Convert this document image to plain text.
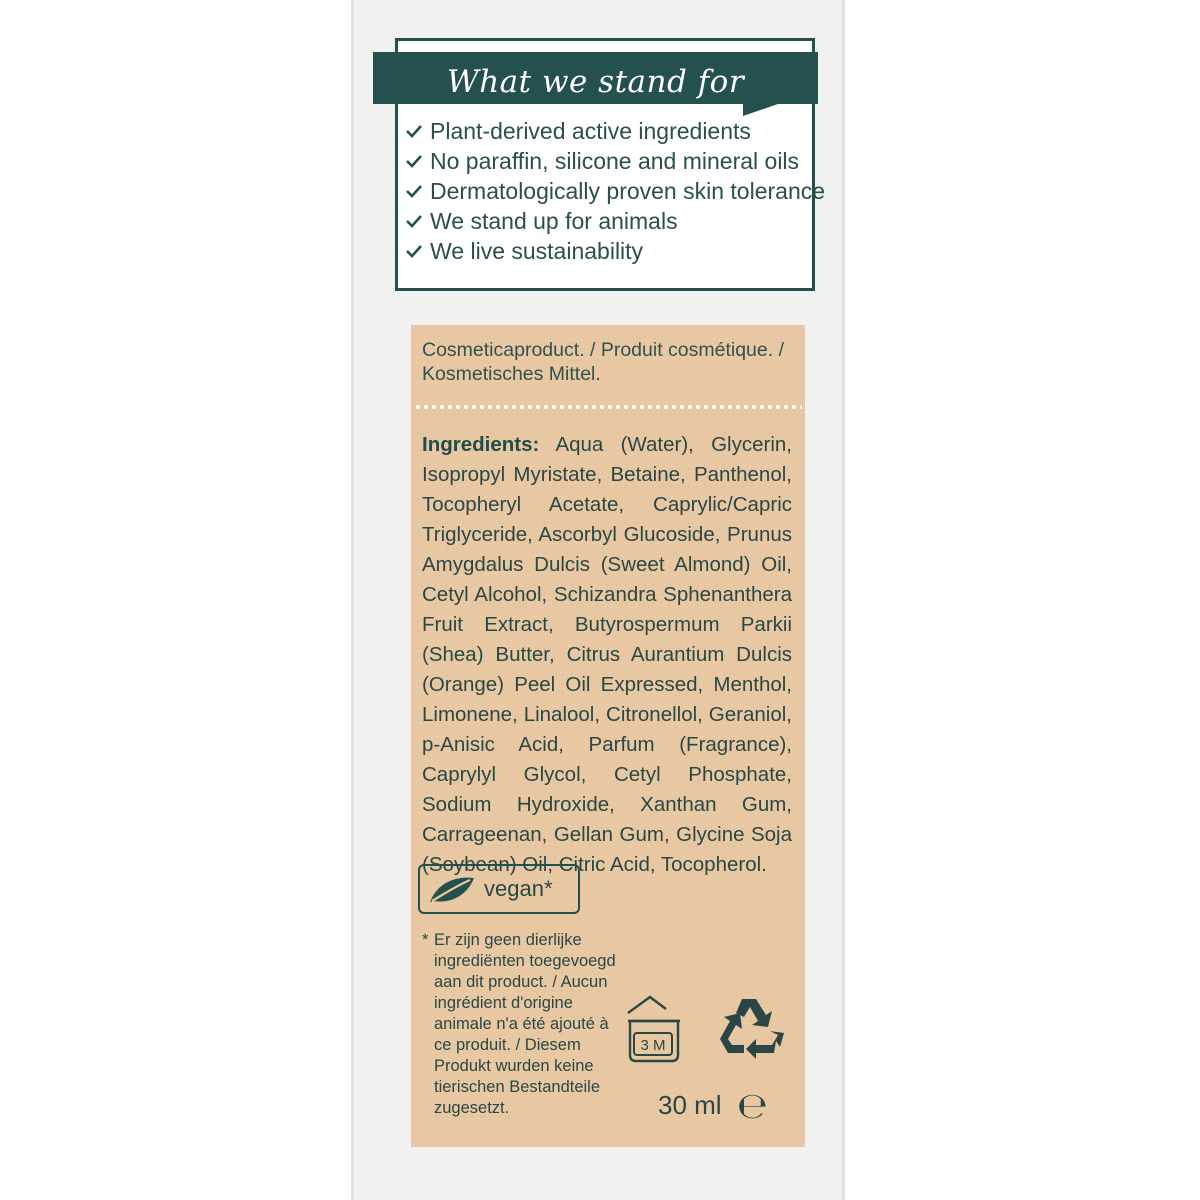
What we stand for
Plant-derived active ingredients
No paraffin, silicone and mineral oils
Dermatologically proven skin tolerance
We stand up for animals
We live sustainability
Cosmeticaproduct. / Produit cosmétique. / Kosmetisches Mittel.
Ingredients: Aqua (Water), Glycerin, Isopropyl Myristate, Betaine, Panthenol, Tocopheryl Acetate, Caprylic/Capric Triglyceride, Ascorbyl Glucoside, Prunus Amygdalus Dulcis (Sweet Almond) Oil, Cetyl Alcohol, Schizandra Sphenanthera Fruit Extract, Butyrospermum Parkii (Shea) Butter, Citrus Aurantium Dulcis (Orange) Peel Oil Expressed, Menthol, Limonene, Linalool, Citronellol, Geraniol, p-Anisic Acid, Parfum (Fragrance), Caprylyl Glycol, Cetyl Phosphate, Sodium Hydroxide, Xanthan Gum, Carrageenan, Gellan Gum, Glycine Soja (Soybean) Oil, Citric Acid, Tocopherol.
vegan*
* Er zijn geen dierlijke ingrediënten toegevoegd aan dit product. / Aucun ingrédient d'origine animale n'a été ajouté à ce produit. / Diesem Produkt wurden keine tierischen Bestandteile zugesetzt.
3 M
30 ml ℮
